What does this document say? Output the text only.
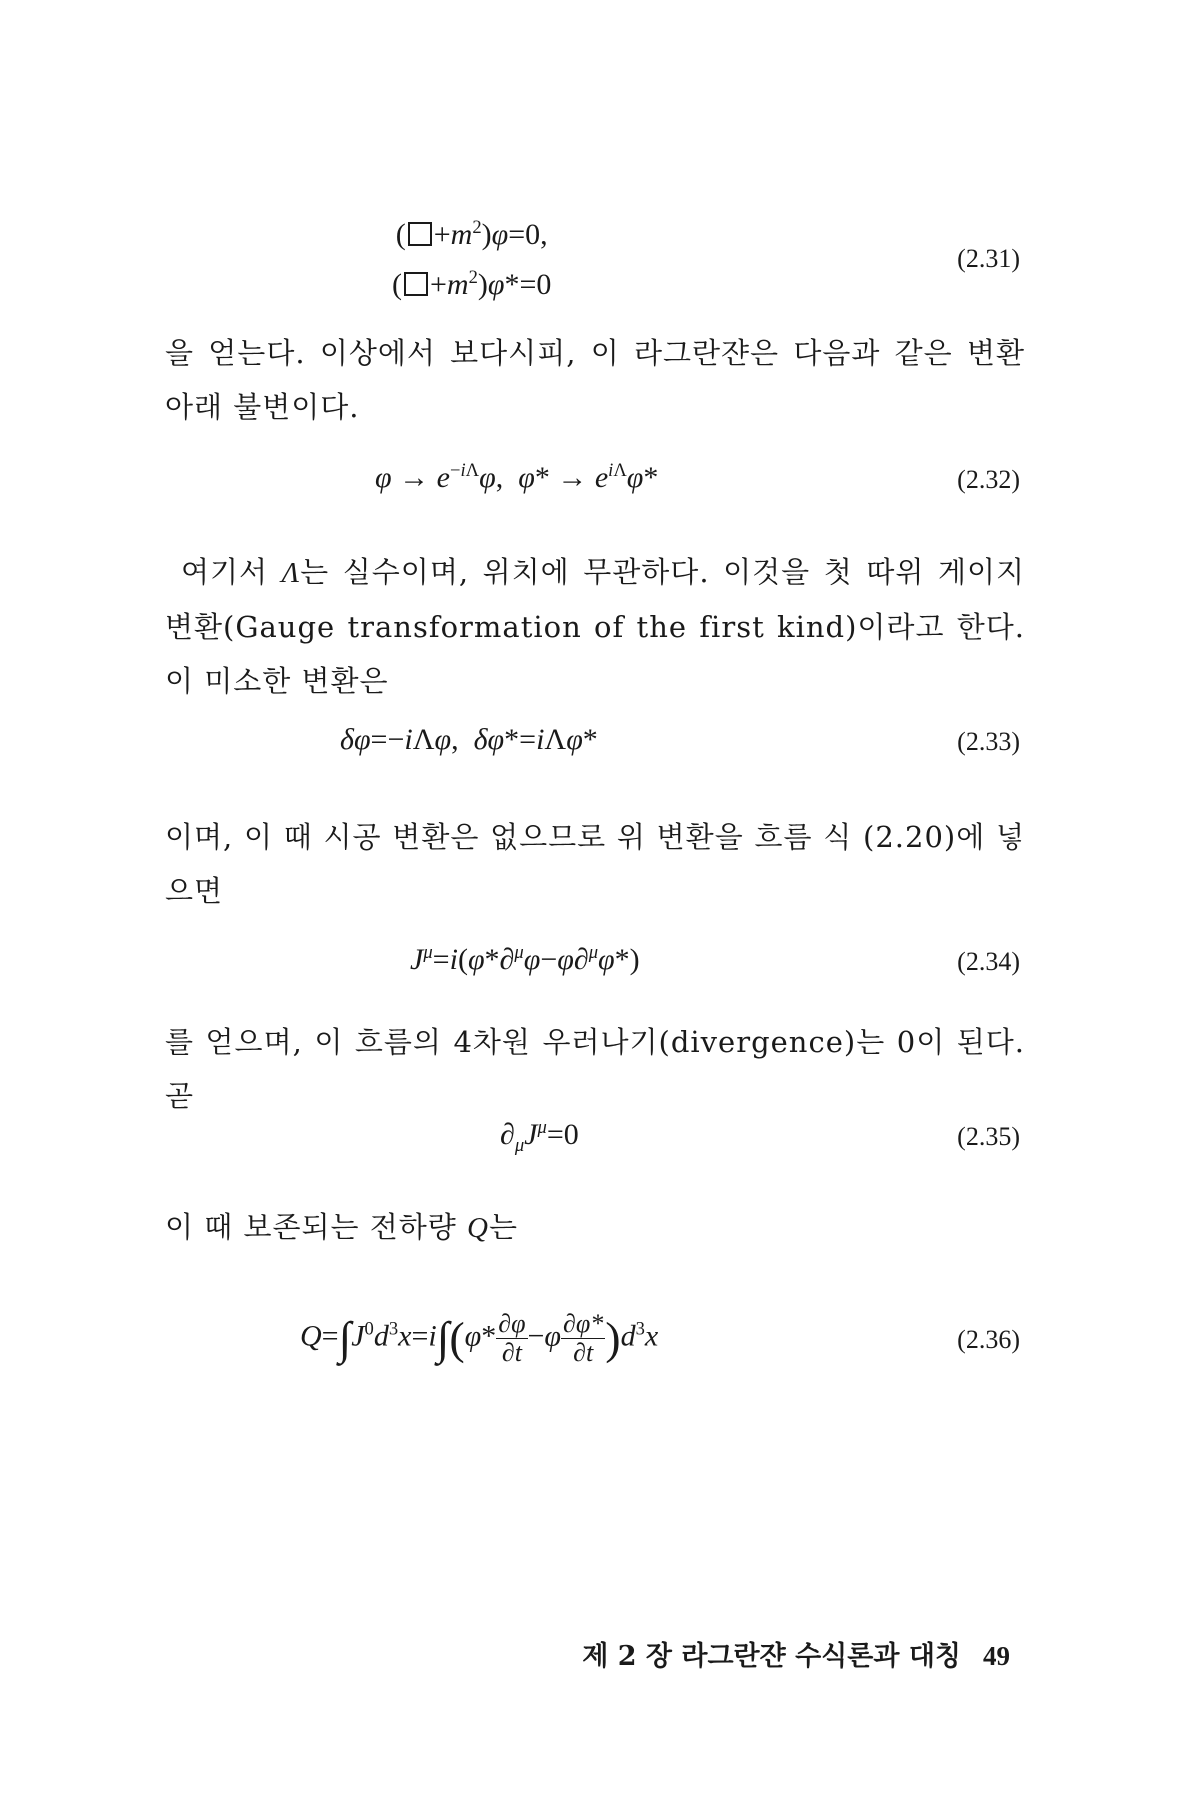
( $+m^2)\varphi=0$,
( $+m^2)\varphi*=0$
(2.31)
을 얻는다. 이상에서 보다시피, 이 라그란쟌은 다음과 같은 변환 아래 불변이다.
$\varphi \to e^{-i\Lambda}\varphi$,  $\varphi* \to e^{i\Lambda}\varphi*$	(2.32)
여기서 Λ는 실수이며, 위치에 무관하다. 이것을 첫 따위 게이지 변환(Gauge transformation of the first kind)이라고 한다. 이 미소한 변환은
δφ=−iΛφ,  δφ*=iΛφ*	(2.33)
이며, 이 때 시공 변환은 없으므로 위 변환을 흐름 식 (2.20)에 넣으면
$J^\mu=i(\varphi*\partial^\mu\varphi-\varphi\partial^\mu\varphi*)$	(2.34)
를 얻으며, 이 흐름의 4차원 우러나기(divergence)는 0이 된다. 곧
$\partial_\mu J^\mu=0$	(2.35)
이 때 보존되는 전하량 Q는
$Q=\int J^0d^3x=i\int(\varphi* \frac{\partial\varphi}{\partial t} -\varphi \frac{\partial\varphi*}{\partial t} )d^3x$	(2.36)
제 2 장 라그란쟌 수식론과 대칭 49
